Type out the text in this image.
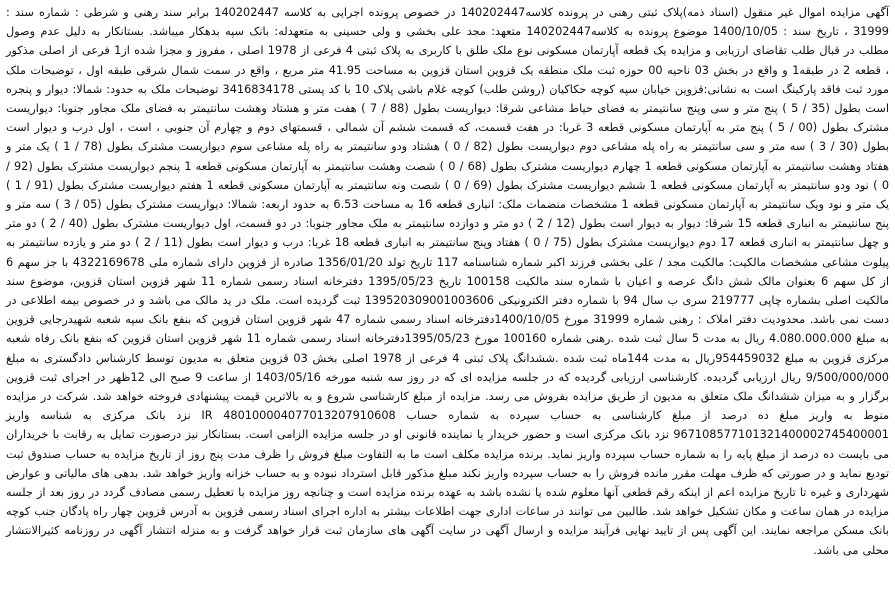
آگهی مزایده اموال غیر منقول (اسناد ذمه)پلاک ثبتی رهنی در پرونده کلاسه140202447 در خصوص پرونده اجرایی به کلاسه 140202447 برابر سند رهنی و شرطی : شماره سند : 31999 ، تاریخ سند : 1400/10/05 موضوع پرونده به کلاسه140202447 متعهد: مجد علی بخشی و ولی حسینی به متعهدله: بانک سپه بدهکار میباشد. بستانکار به دلیل عدم وصول مطلب در قبال طلب تقاضای ارزیابی و مزایده یک قطعه آپارتمان مسکونی نوع ملک طلق با کاربری به پلاک ثبتی 4 فرعی از 1978 اصلی ، مفروز و مجزا شده از1 فرعی از اصلی مذکور ، قطعه 2 در طبقه1 و واقع در بخش 03 ناحیه 00 حوزه ثبت ملک منطقه یک قزوین استان قزوین به مساحت 41.95 متر مربع ، واقع در سمت شمال شرقی طبقه اول ، توضیحات ملک مورد ثبت فاقد پارکینگ است به نشانی:قزوین خیابان سپه کوچه حکاکیان (روشن طلب) کوچه غلام باشی پلاک 10 با کد پستی 3416834178 توضیحات ملک به حدود: شمالا: دیوار و پنجره است بطول (35 / 5 ) پنج متر و سی وپنج سانتیمتر به فضای حیاط مشاعی شرقا: دیواریست بطول (88 / 7 ) هفت متر و هشتاد وهشت سانتیمتر به فضای ملک مجاور جنوبا: دیواریست مشترک بطول (00 / 5 ) پنج متر به آپارتمان مسکونی قطعه 3 غربا: در هفت قسمت، که قسمت ششم آن شمالی ، قسمتهای دوم و چهارم آن جنوبی ، است ، اول درب و دیوار است بطول (30 / 3 ) سه متر و سی سانتیمتر به راه پله مشاعی دوم دیواریست بطول (82 / 0 ) هشتاد ودو سانتیمتر به راه پله مشاعی سوم دیواریست مشترک بطول (78 / 1 ) یک متر و هفتاد وهشت سانتیمتر به آپارتمان مسکونی قطعه 1 چهارم دیواریست مشترک بطول (68 / 0 ) شصت وهشت سانتیمتر به آپارتمان مسکونی قطعه 1 پنجم دیواریست مشترک بطول (92 / 0 ) نود ودو سانتیمتر به آپارتمان مسکونی قطعه 1 ششم دیواریست مشترک بطول (69 / 0 ) شصت ونه سانتیمتر به آپارتمان مسکونی قطعه 1 هفتم دیواریست مشترک بطول (91 / 1 ) یک متر و نود ویک سانتیمتر به آپارتمان مسکونی قطعه 1 مشخصات منضمات ملک: انباری قطعه 16 به مساحت 6.53 به حدود اربعه: شمالا: دیواریست مشترک بطول (05 / 3 ) سه متر و پنج سانتیمتر به انباری قطعه 15 شرقا: دیوار به دیوار است بطول (12 / 2 ) دو متر و دوازده سانتیمتر به ملک مجاور جنوبا: در دو قسمت، اول دیواریست مشترک بطول (40 / 2 ) دو متر و چهل سانتیمتر به انباری قطعه 17 دوم دیواریست مشترک بطول (75 / 0 ) هفتاد وپنج سانتیمتر به انباری قطعه 18 غربا: درب و دیوار است بطول (11 / 2 ) دو متر و یازده سانتیمتر به پیلوت مشاعی مشخصات مالکیت: مالکیت مجد / علی بخشی فرزند اکبر شماره شناسنامه 117 تاریخ تولد 1356/01/20 صادره از قزوین دارای شماره ملی 4322169678 با جز سهم 6 از کل سهم 6 بعنوان مالک شش دانگ عرصه و اعیان با شماره سند مالکیت 100158 تاریخ 1395/05/23 دفترخانه اسناد رسمی شماره 11 شهر قزوین استان قزوین، موضوع سند مالکیت اصلی بشماره چاپی 219777 سری ب سال 94 با شماره دفتر الکترونیکی 139520309001003606 ثبت گردیده است. ملک در ید مالک می باشد و در خصوص بیمه اطلاعی در دست نمی باشد. محدودیت دفتر املاک : رهنی شماره 31999 مورخ 1400/10/05دفترخانه اسناد رسمی شماره 47 شهر قزوین استان قزوین که بنفع بانک سپه شعبه شهیدرجایی قزوین به مبلغ 4.080.000.000 ریال به مدت 5 سال ثبت شده .رهنی شماره 100160 مورخ 1395/05/23دفترخانه اسناد رسمی شماره 11 شهر قزوین استان قزوین که بنفع بانک رفاه شعبه مرکزی قزوین به مبلغ 954459032ریال به مدت 144ماه ثبت شده .ششدانگ پلاک ثبتی 4 فرعی از 1978 اصلی بخش 03 قزوین متعلق به مدیون توسط کارشناس دادگستری به مبلغ 9/500/000/000 ریال ارزیابی گردیده. کارشناسی ارزیابی گردیده که در جلسه مزایده ای که در روز سه شنبه مورخه 1403/05/16 از ساعت 9 صبح الی 12ظهر در اجرای ثبت قزوین برگزار و به میزان ششدانگ ملک متعلق به مدیون از طریق مزایده بفروش می رسد. مزایده از مبلغ کارشناسی شروع و به بالاترین قیمت پیشنهادی فروخته خواهد شد. شرکت در مزایده منوط به واریز مبلغ ده درصد از مبلغ کارشناسی به حساب سپرده به شماره حساب IR 480100004077013207910608 نزد بانک مرکزی به شناسه واریز 967108577101321400002745400001 نزد بانک مرکزی است و حضور خریدار یا نماینده قانونی او در جلسه مزایده الزامی است. بستانکار نیز درصورت تمایل به رقابت با خریداران می بایست ده درصد از مبلغ پایه را به شماره حساب سپرده واریز نماید. برنده مزایده مکلف است ما به التفاوت مبلغ فروش را ظرف مدت پنج روز از تاریخ مزایده به حساب صندوق ثبت تودیع نماید و در صورتی که ظرف مهلت مقرر مانده فروش را به حساب سپرده واریز نکند مبلغ مذکور قابل استرداد نبوده و به حساب خزانه واریز خواهد شد. بدهی های مالیاتی و عوارض شهرداری و غیره تا تاریخ مزایده اعم از اینکه رقم قطعی آنها معلوم شده یا نشده باشد به عهده برنده مزایده است و چنانچه روز مزایده با تعطیل رسمی مصادف گردد در روز بعد از جلسه مزایده در همان ساعت و مکان تشکیل خواهد شد. طالبین می توانند در ساعات اداری جهت اطلاعات بیشتر به اداره اجرای اسناد رسمی قزوین به آدرس قزوین چهار راه پادگان جنب کوچه بانک مسکن مراجعه نمایند. این آگهی پس از تایید نهایی فرآیند مزایده و ارسال آگهی در سایت آگهی های سازمان ثبت قرار خواهد گرفت و به منزله انتشار آگهی در روزنامه کثیرالانتشار محلی می باشد.
